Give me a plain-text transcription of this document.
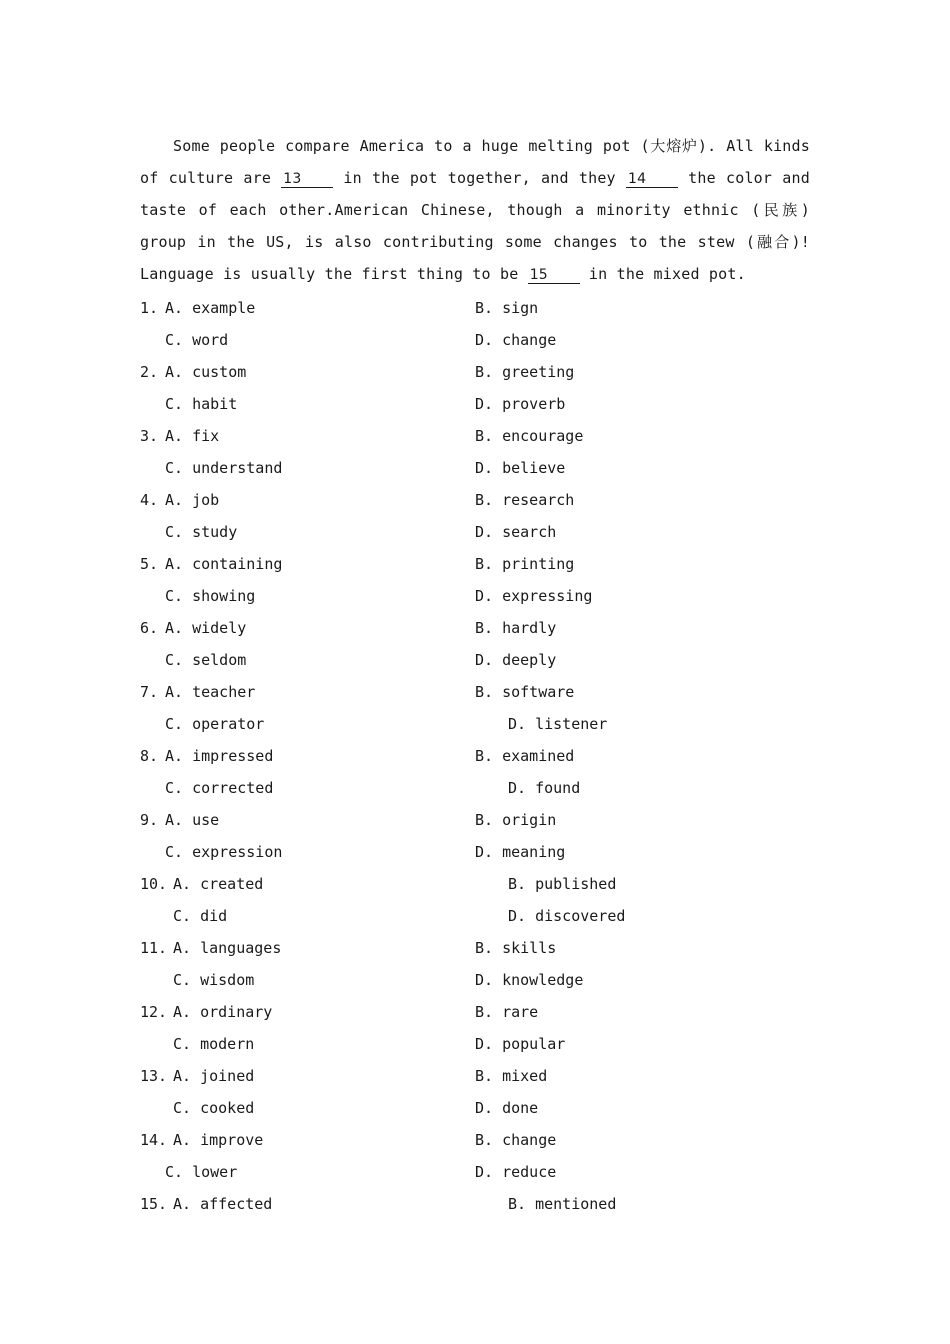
Some people compare America to a huge melting pot (大熔炉). All kinds of culture are 13 in the pot together, and they 14 the color and taste of each other.American Chinese, though a minority ethnic (民族) group in the US, is also contributing some changes to the stew (融合)! Language is usually the first thing to be 15 in the mixed pot.

1. A. example	B. sign
C. word	D. change
2. A. custom	B. greeting
C. habit	D. proverb
3. A. fix	B. encourage
C. understand	D. believe
4. A. job	B. research
C. study	D. search
5. A. containing	B. printing
C. showing	D. expressing
6. A. widely	B. hardly
C. seldom	D. deeply
7. A. teacher	B. software
C. operator	D. listener
8. A. impressed	B. examined
C. corrected	D. found
9. A. use	B. origin
C. expression	D. meaning
10. A. created	B. published
C. did	D. discovered
11. A. languages	B. skills
C. wisdom	D. knowledge
12. A. ordinary	B. rare
C. modern	D. popular
13. A. joined	B. mixed
C. cooked	D. done
14. A. improve	B. change
C. lower	D. reduce
15. A. affected	B. mentioned
